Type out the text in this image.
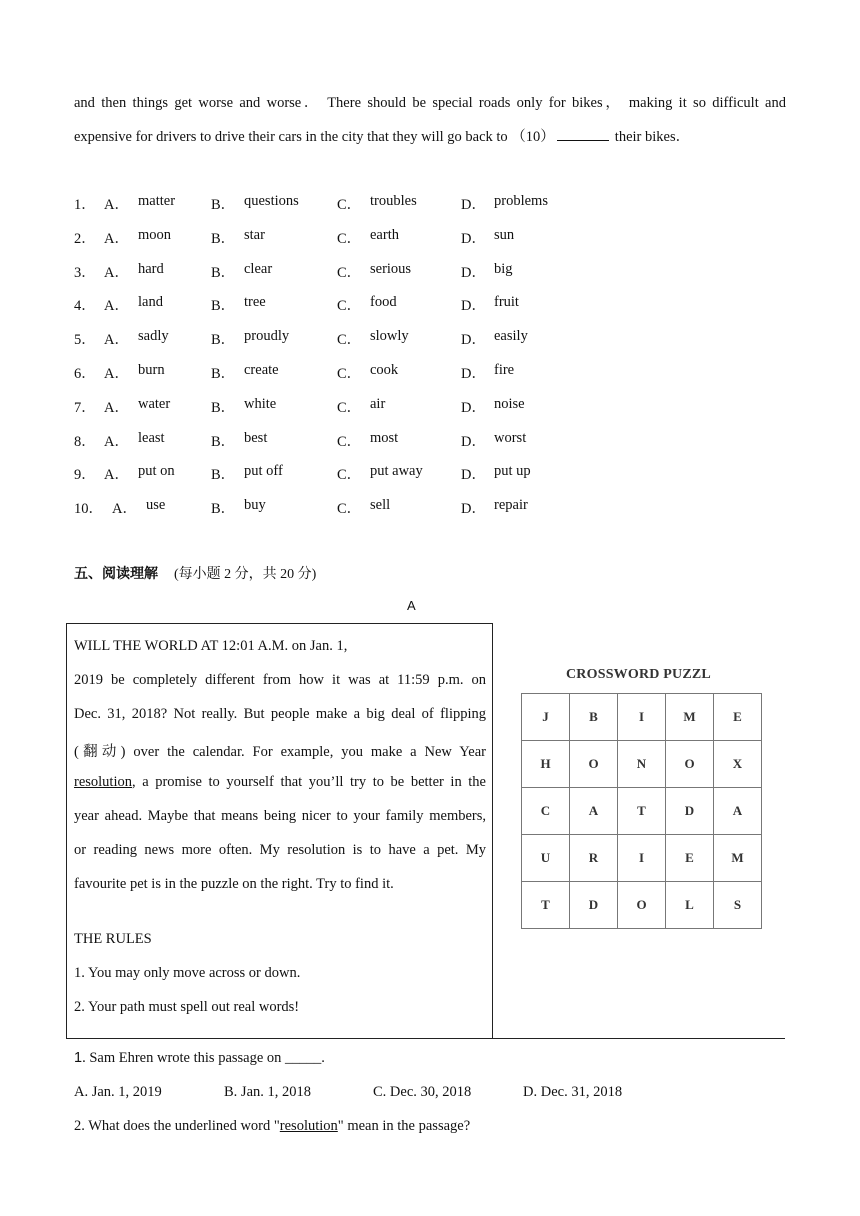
and then things get worse and worse． There should be special roads only for bikes， making it so difficult and
expensive for drivers to drive their cars in the city that they will go back to （10）	their bikes．
1． A． matter B． questions	C． troubles	D． problems
2． A． moon	B． star	C． earth	D． sun
3． A． hard	B． clear	C． serious	D． big
4． A． land	B． tree	C． food	D． fruit
5． A． sadly	B． proudly	C． slowly	D． easily
6． A． burn	B． create	C． cook	D． fire
7． A． water	B． white	C． air	D． noise
8． A． least	B． best	C． most	D． worst
9． A． put on	B． put off	C． put away	D． put up
10． A． use	B． buy	C． sell	D． repair
五、阅读理解 (每小题 2 分，共 20 分)
A
WILL THE WORLD AT 12:01 A.M. on Jan. 1,
2019 be completely different from how it was at 11:59 p.m. on
Dec. 31, 2018? Not really. But people make a big deal of flipping
(翻动) over the calendar. For example, you make a New Year
resolution, a promise to yourself that you’ll try to be better in the
year ahead. Maybe that means being nicer to your family members,
or reading news more often. My resolution is to have a pet. My
favourite pet is in the puzzle on the right. Try to find it.
THE RULES
1. You may only move across or down.
2. Your path must spell out real words!
CROSSWORD PUZZL
J	B	I	M	E
H	O	N	O	X
C	A	T	D	A
U	R	I	E	M
T	D	O	L	S
1. Sam Ehren wrote this passage on _____.
A. Jan. 1, 2019	B. Jan. 1, 2018	C. Dec. 30, 2018	D. Dec. 31, 2018
2. What does the underlined word "resolution" mean in the passage?
